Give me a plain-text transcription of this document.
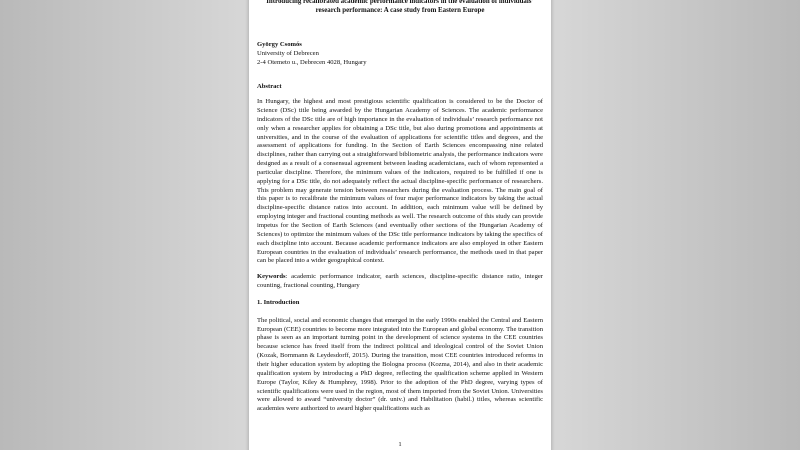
Introducing recalibrated academic performance indicators in the evaluation of individuals’ research performance: A case study from Eastern Europe
György Csomós
University of Debrecen
2-4 Otemeto u., Debrecen 4028, Hungary
Abstract
In Hungary, the highest and most prestigious scientific qualification is considered to be the Doctor of Science (DSc) title being awarded by the Hungarian Academy of Sciences. The academic performance indicators of the DSc title are of high importance in the evaluation of individuals’ research performance not only when a researcher applies for obtaining a DSc title, but also during promotions and appointments at universities, and in the course of the evaluation of applications for scientific titles and degrees, and the assessment of applications for funding. In the Section of Earth Sciences encompassing nine related disciplines, rather than carrying out a straightforward bibliometric analysis, the performance indicators were designed as a result of a consensual agreement between leading academicians, each of whom represented a particular discipline. Therefore, the minimum values of the indicators, required to be fulfilled if one is applying for a DSc title, do not adequately reflect the actual discipline-specific performance of researchers. This problem may generate tension between researchers during the evaluation process. The main goal of this paper is to recalibrate the minimum values of four major performance indicators by taking the actual discipline-specific distance ratios into account. In addition, each minimum value will be defined by employing integer and fractional counting methods as well. The research outcome of this study can provide impetus for the Section of Earth Sciences (and eventually other sections of the Hungarian Academy of Sciences) to optimize the minimum values of the DSc title performance indicators by taking the specifics of each discipline into account. Because academic performance indicators are also employed in other Eastern European countries in the evaluation of individuals’ research performance, the methods used in that paper can be placed into a wider geographical context.
Keywords: academic performance indicator, earth sciences, discipline-specific distance ratio, integer counting, fractional counting, Hungary
1. Introduction
The political, social and economic changes that emerged in the early 1990s enabled the Central and Eastern European (CEE) countries to become more integrated into the European and global economy. The transition phase is seen as an important turning point in the development of science systems in the CEE countries because science has freed itself from the indirect political and ideological control of the Soviet Union (Kozak, Bornmann & Leydesdorff, 2015). During the transition, most CEE countries introduced reforms in their higher education system by adopting the Bologna process (Kozma, 2014), and also in their academic qualification system by introducing a PhD degree, reflecting the qualification scheme applied in Western Europe (Taylor, Kiley & Humphrey, 1998). Prior to the adoption of the PhD degree, varying types of scientific qualifications were used in the region, most of them imported from the Soviet Union. Universities were allowed to award “university doctor” (dr. univ.) and Habilitation (habil.) titles, whereas scientific academies were authorized to award higher qualifications such as
1
